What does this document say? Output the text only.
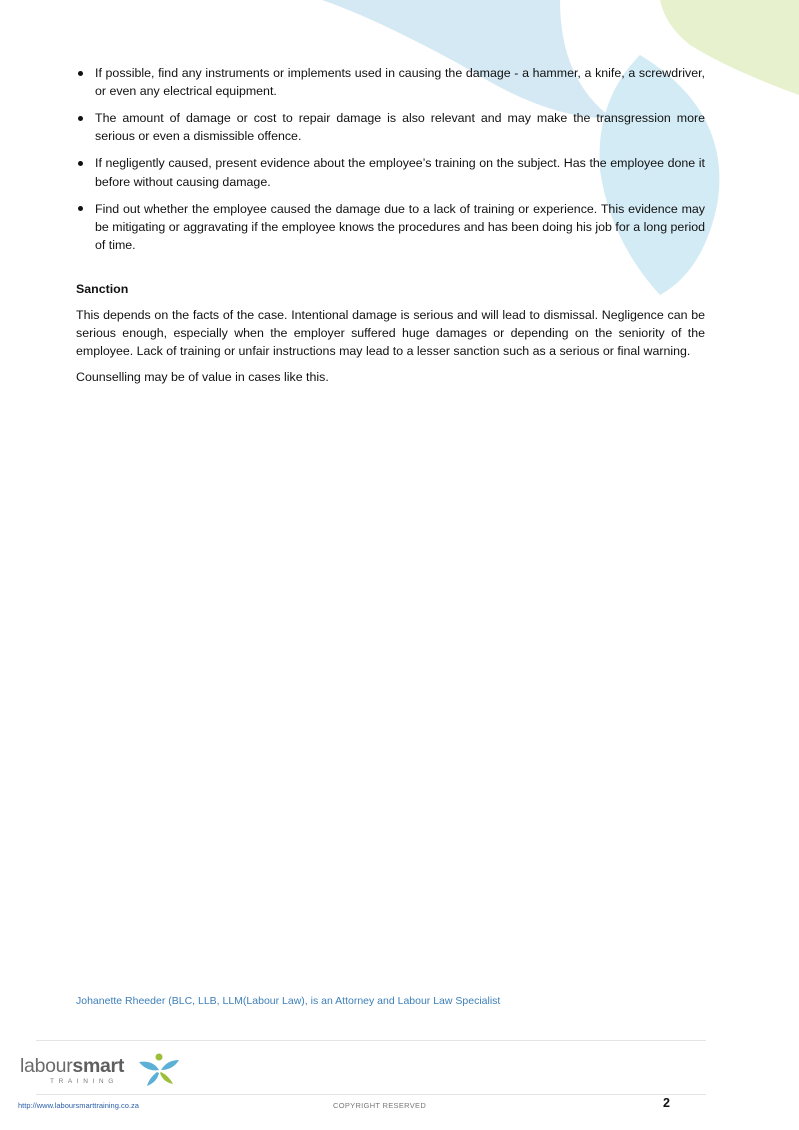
If possible, find any instruments or implements used in causing the damage - a hammer, a knife, a screwdriver, or even any electrical equipment.
The amount of damage or cost to repair damage is also relevant and may make the transgression more serious or even a dismissible offence.
If negligently caused, present evidence about the employee’s training on the subject. Has the employee done it before without causing damage.
Find out whether the employee caused the damage due to a lack of training or experience. This evidence may be mitigating or aggravating if the employee knows the procedures and has been doing his job for a long period of time.
Sanction

This depends on the facts of the case. Intentional damage is serious and will lead to dismissal. Negligence can be serious enough, especially when the employer suffered huge damages or depending on the seniority of the employee. Lack of training or unfair instructions may lead to a lesser sanction such as a serious or final warning.

Counselling may be of value in cases like this.

Johanette Rheeder (BLC, LLB, LLM(Labour Law), is an Attorney and Labour Law Specialist
laboursmart
TRAINING
http://www.laboursmarttraining.co.za	COPYRIGHT RESERVED	2
